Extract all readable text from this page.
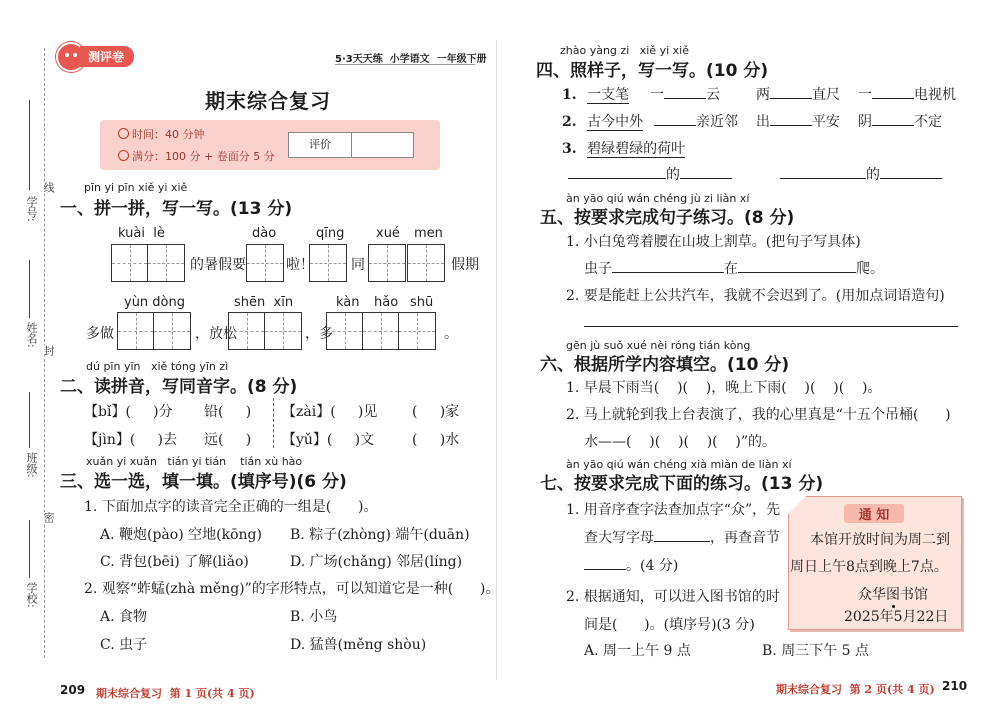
学校:
班级:
姓名:
学号:
线
封
密
测评卷	5·3天天练  小学语文  一年级下册
期末综合复习
时间：40 分钟
满分：100 分 + 卷面分 5 分
评价
pīn yi pīn xiě yi xiě
一、拼一拼，写一写。(13 分)
kuài  lè
的暑假要
dào
啦！
qīng
同
xué men
假期
多做
yùn dòng
，放松
shēn  xīn
，多
kàn hǎo shū
。
dú pīn yīn   xiě tóng yīn zì
二、读拼音，写同音字。(8 分)
【bǐ】(     )分 铅(     ) 【zài】(     )见 (     )家
【jìn】(     )去 远(     ) 【yǔ】(     )文	(     )水
xuǎn yi xuǎn   tián yi tián    tián xù hào
三、选一选，填一填。(填序号)(6 分)
1. 下面加点字的读音完全正确的一组是(      )。
A. 鞭炮(pào) 空地(kōng) B. 粽子(zhòng) 端午(duān)
C. 背包(bēi) 了解(liǎo)	D. 广场(chǎng) 邻居(líng)
2. 观察“蚱蜢(zhà měng)”的字形特点，可以知道它是一种(      )。
A. 食物	B. 小鸟
C. 虫子	D. 猛兽(měng shòu)
zhào yàng zi   xiě yi xiě
四、照样子，写一写。(10 分)
1. 一支笔 一	云	两	直尺 一	电视机
2. 古今中外	亲近邻 出	平安 阴	不定
3. 碧绿碧绿的荷叶
的	的
àn yāo qiú wán chéng jù zi liàn xí
五、按要求完成句子练习。(8 分)
1. 小白兔弯着腰在山坡上割草。(把句子写具体)
虫子	在	爬。
2. 要是能赶上公共汽车，我就不会迟到了。(用加点词语造句)
gēn jù suǒ xué nèi róng tián kòng
六、根据所学内容填空。(10 分)
1. 早晨下雨当(    )(    )，晚上下雨(    )(    )(    )。
2. 马上就轮到我上台表演了，我的心里真是“十五个吊桶(      )
水——(    )(    )(    )(    )”的。
àn yāo qiú wán chéng xià miàn de liàn xí
七、按要求完成下面的练习。(13 分)
1. 用音序查字法查加点字“众”，先
查大写字母	，再查音节
。(4 分)
2. 根据通知，可以进入图书馆的时
间是(      )。(填序号)(3 分)
A. 周一上午 9 点	B. 周三下午 5 点
通 知
本馆开放时间为周二到
周日上午8点到晚上7点。
众华图书馆
2025年5月22日
209 期末综合复习  第 1 页(共 4 页)	期末综合复习  第 2 页(共 4 页) 210
